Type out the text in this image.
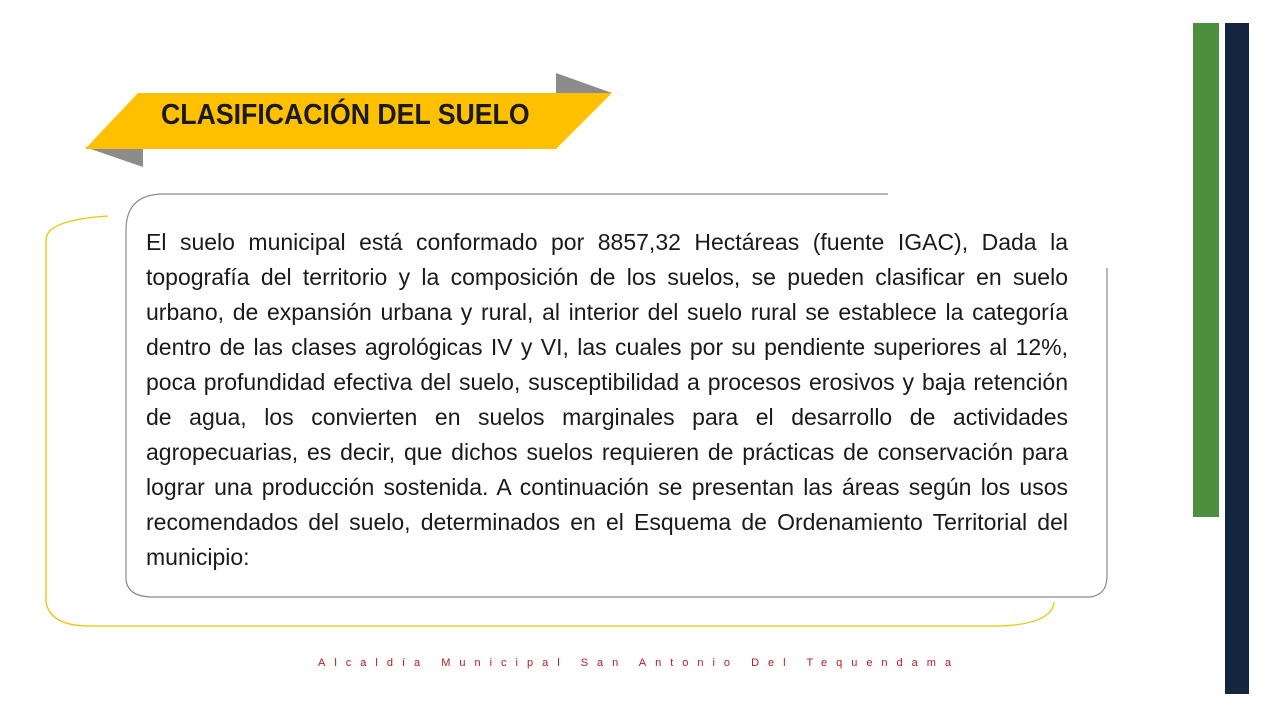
CLASIFICACIÓN DEL SUELO
El suelo municipal está conformado por 8857,32 Hectáreas (fuente IGAC), Dada la topografía del territorio y la composición de los suelos, se pueden clasificar en suelo urbano, de expansión urbana y rural, al interior del suelo rural se establece la categoría dentro de las clases agrológicas IV y VI, las cuales por su pendiente superiores al 12%, poca profundidad efectiva del suelo, susceptibilidad a procesos erosivos y baja retención de agua, los convierten en suelos marginales para el desarrollo de actividades agropecuarias, es decir, que dichos suelos requieren de prácticas de conservación para lograr una producción sostenida. A continuación se presentan las áreas según los usos recomendados del suelo, determinados en el Esquema de Ordenamiento Territorial del municipio:
Alcaldía Municipal San Antonio Del Tequendama
